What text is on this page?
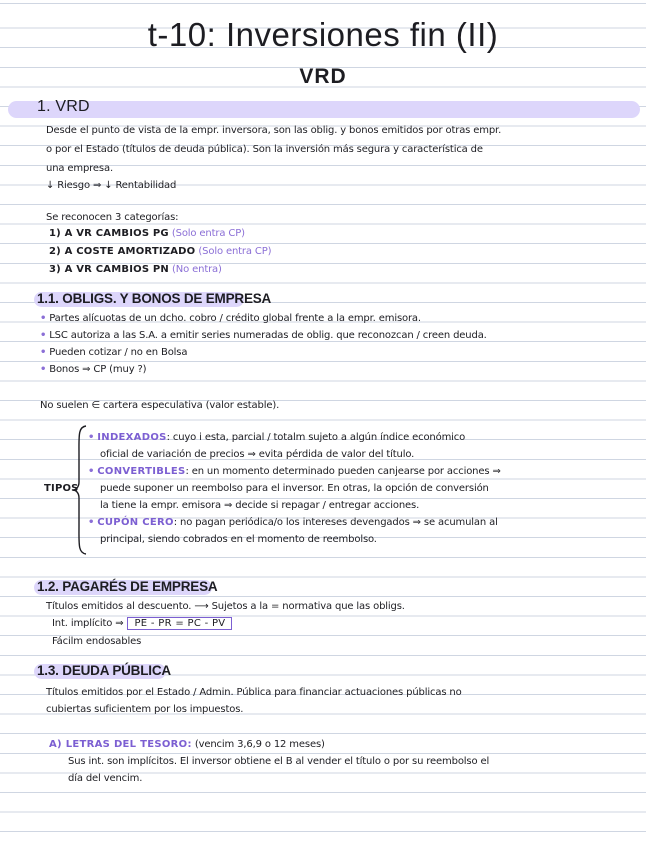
t-10: Inversiones fin (II)
VRD
1. VRD
Desde el punto de vista de la empr. inversora, son las oblig. y bonos emitidos por otras empr.
o por el Estado (títulos de deuda pública). Son la inversión más segura y característica de
una empresa.
↓ Riesgo ⇒ ↓ Rentabilidad
Se reconocen 3 categorías:
1) A VR CAMBIOS PG (Solo entra CP)
2) A COSTE AMORTIZADO (Solo entra CP)
3) A VR CAMBIOS PN (No entra)
1.1. OBLIGS. Y BONOS DE EMPRESA
• Partes alícuotas de un dcho. cobro / crédito global frente a la empr. emisora.
• LSC autoriza a las S.A. a emitir series numeradas de oblig. que reconozcan / creen deuda.
• Pueden cotizar / no en Bolsa
• Bonos ⇒ CP (muy ?)
No suelen ∈ cartera especulativa (valor estable).
TIPOS
• INDEXADOS: cuyo i esta, parcial / totalm sujeto a algún índice económico
oficial de variación de precios ⇒ evita pérdida de valor del título.
• CONVERTIBLES: en un momento determinado pueden canjearse por acciones ⇒
puede suponer un reembolso para el inversor. En otras, la opción de conversión
la tiene la empr. emisora ⇒ decide si repagar / entregar acciones.
• CUPÓN CERO: no pagan periódica/o los intereses devengados ⇒ se acumulan al
principal, siendo cobrados en el momento de reembolso.
1.2. PAGARÉS DE EMPRESA
Títulos emitidos al descuento. ⟶ Sujetos a la = normativa que las obligs.
Int. implícito ⇒ PE - PR = PC - PV
Fácilm endosables
1.3. DEUDA PÚBLICA
Títulos emitidos por el Estado / Admin. Pública para financiar actuaciones públicas no
cubiertas suficientem por los impuestos.
A) LETRAS DEL TESORO: (vencim 3,6,9 o 12 meses)
Sus int. son implícitos. El inversor obtiene el B al vender el título o por su reembolso el
día del vencim.
